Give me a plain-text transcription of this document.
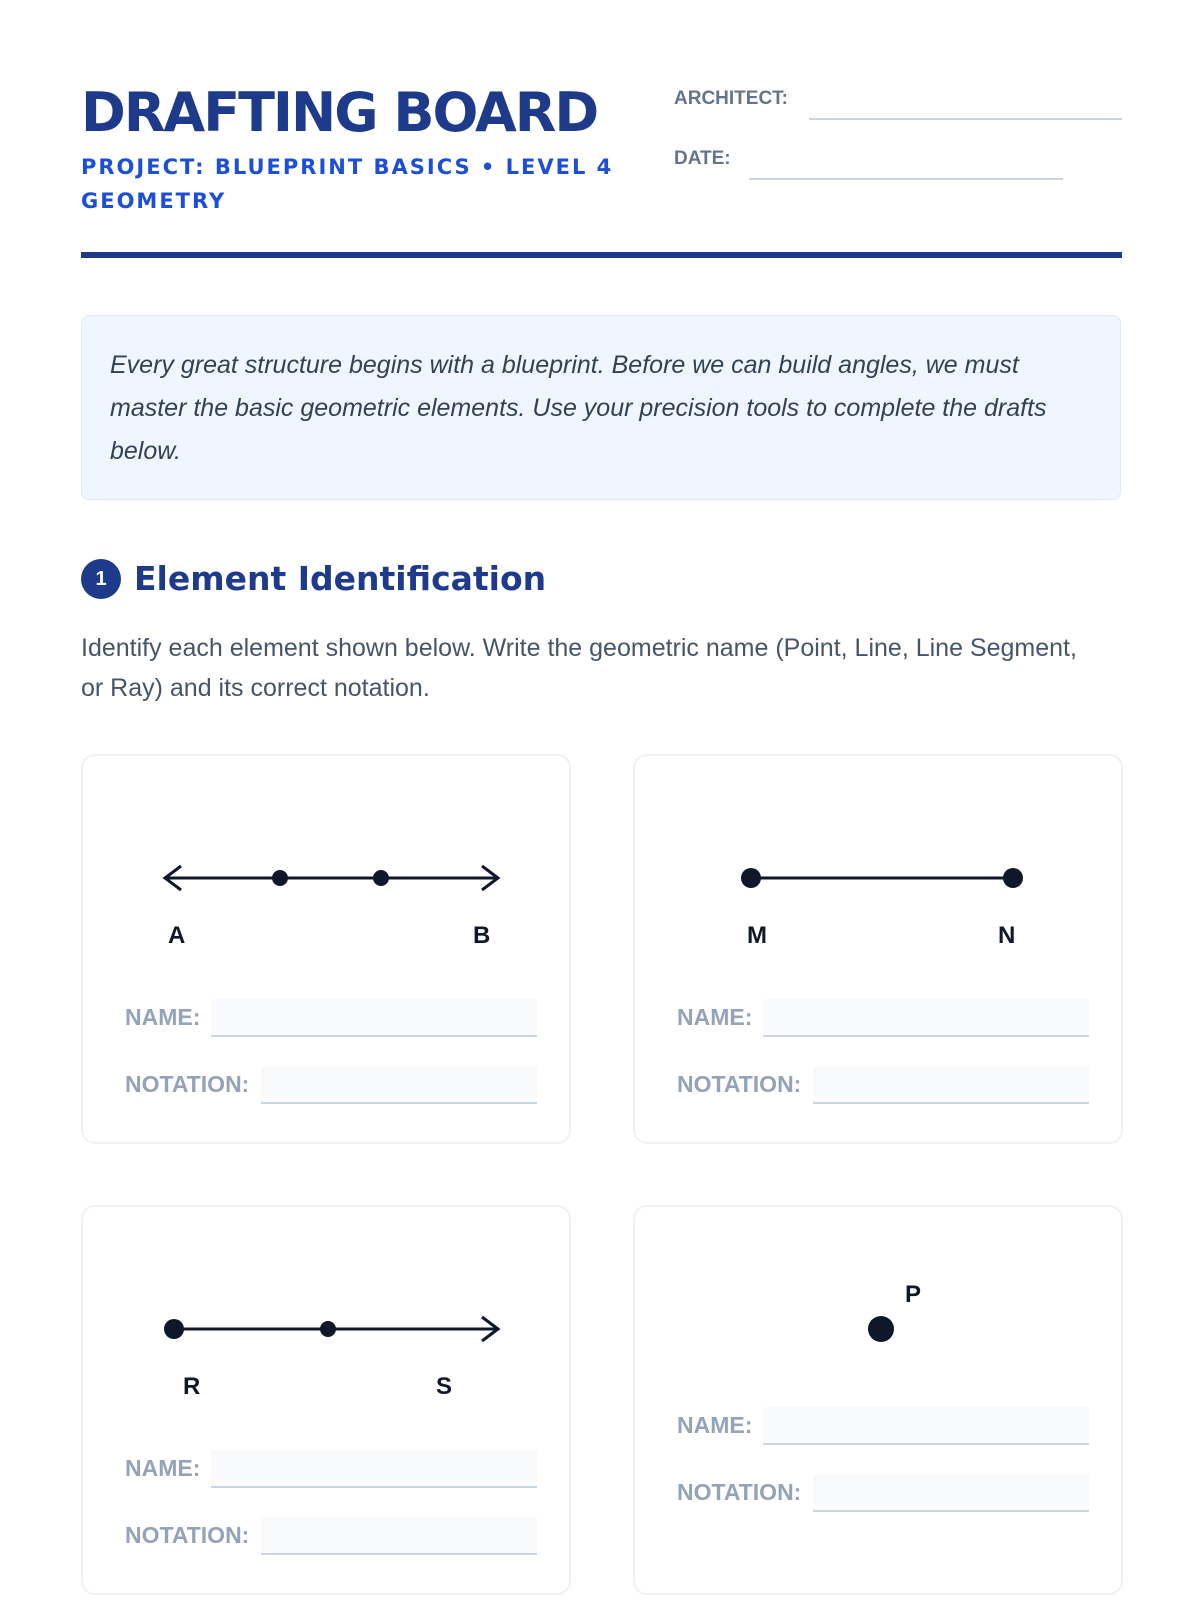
DRAFTING BOARD
PROJECT: BLUEPRINT BASICS • LEVEL 4 GEOMETRY
ARCHITECT:
DATE:
Every great structure begins with a blueprint. Before we can build angles, we must master the basic geometric elements. Use your precision tools to complete the drafts below.
1 Element Identification
Identify each element shown below. Write the geometric name (Point, Line, Line Segment, or Ray) and its correct notation.
A	B
NAME:
NOTATION:
M	N
NAME:
NOTATION:
R	S
NAME:
NOTATION:
P
NAME:
NOTATION:
